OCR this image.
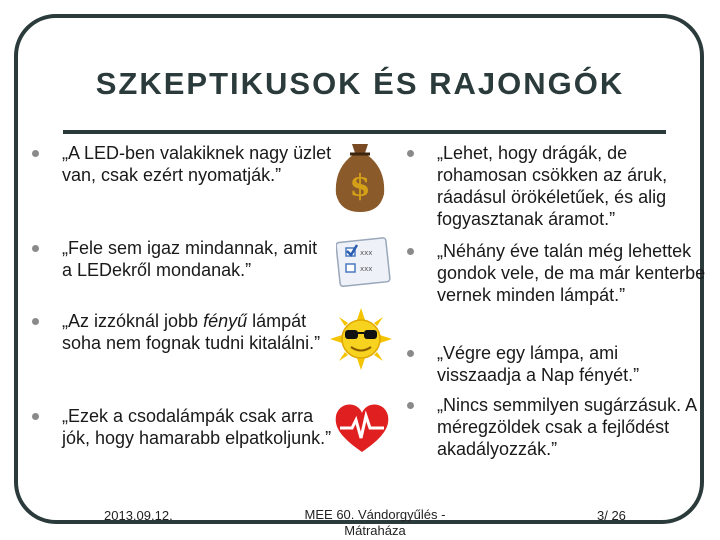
SZKEPTIKUSOK ÉS RAJONGÓK
„A LED-ben valakiknek nagy üzlet van, csak ezért nyomatják.”
„Fele sem igaz mindannak, amit a LEDekről mondanak.”
„Az izzóknál jobb fényű lámpát soha nem fognak tudni kitalálni.”
„Ezek a csodalámpák csak arra jók, hogy hamarabb elpatkoljunk.”
$
xxx
xxx
„Lehet, hogy drágák, de rohamosan csökken az áruk, ráadásul örökéletűek, és alig fogyasztanak áramot.”
„Néhány éve talán még lehettek gondok vele, de ma már kenterbe vernek minden lámpát.”
„Végre egy lámpa, ami visszaadja a Nap fényét.”
„Nincs semmilyen sugárzásuk. A méregzöldek csak a fejlődést akadályozzák.”
2013.09.12.	MEE 60. Vándorgyűlés -
Mátraháza
3/ 26
